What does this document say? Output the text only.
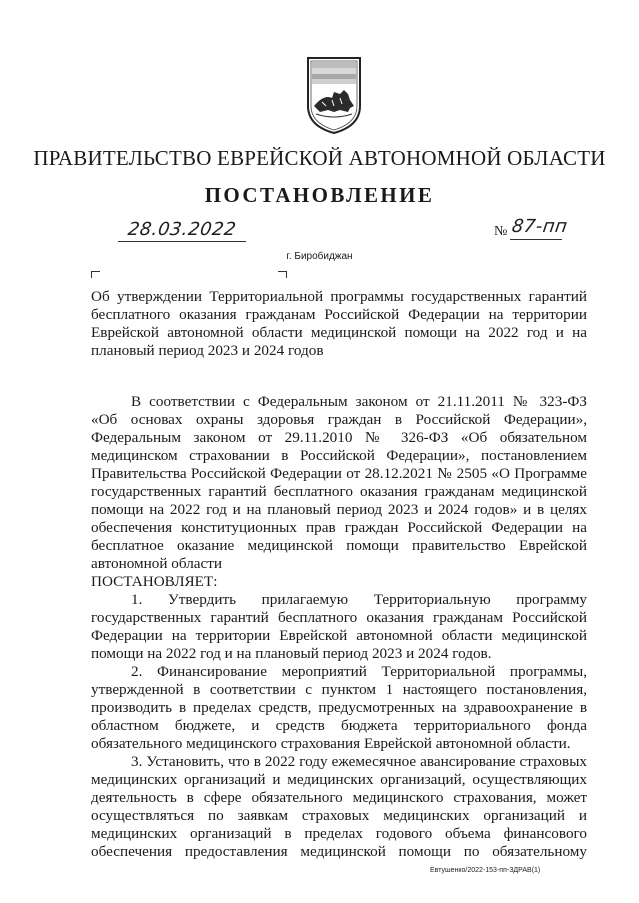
ПРАВИТЕЛЬСТВО ЕВРЕЙСКОЙ АВТОНОМНОЙ ОБЛАСТИ
ПОСТАНОВЛЕНИЕ
28.03.2022	№ 87-пп
г. Биробиджан
Об утверждении Территориальной программы государственных гарантий
бесплатного оказания гражданам Российской Федерации на территории
Еврейской автономной области медицинской помощи на 2022 год и на
плановый период 2023 и 2024 годов
В соответствии с Федеральным законом от 21.11.2011 № 323-ФЗ
«Об основах охраны здоровья граждан в Российской Федерации»,
Федеральным законом от 29.11.2010 № 326-ФЗ «Об обязательном
медицинском страховании в Российской Федерации», постановлением
Правительства Российской Федерации от 28.12.2021 № 2505 «О Программе
государственных гарантий бесплатного оказания гражданам медицинской
помощи на 2022 год и на плановый период 2023 и 2024 годов» и в целях
обеспечения конституционных прав граждан Российской Федерации на
бесплатное оказание медицинской помощи правительство Еврейской
автономной области
ПОСТАНОВЛЯЕТ:
1. Утвердить прилагаемую Территориальную программу
государственных гарантий бесплатного оказания гражданам Российской
Федерации на территории Еврейской автономной области медицинской
помощи на 2022 год и на плановый период 2023 и 2024 годов.
2. Финансирование мероприятий Территориальной программы,
утвержденной в соответствии с пунктом 1 настоящего постановления,
производить в пределах средств, предусмотренных на здравоохранение в
областном бюджете, и средств бюджета территориального фонда
обязательного медицинского страхования Еврейской автономной области.
3. Установить, что в 2022 году ежемесячное авансирование страховых
медицинских организаций и медицинских организаций, осуществляющих
деятельность в сфере обязательного медицинского страхования, может
осуществляться по заявкам страховых медицинских организаций и
медицинских организаций в пределах годового объема финансового
обеспечения предоставления медицинской помощи по обязательному
Евтушенко/2022-153-пп-ЗДРАВ(1)
